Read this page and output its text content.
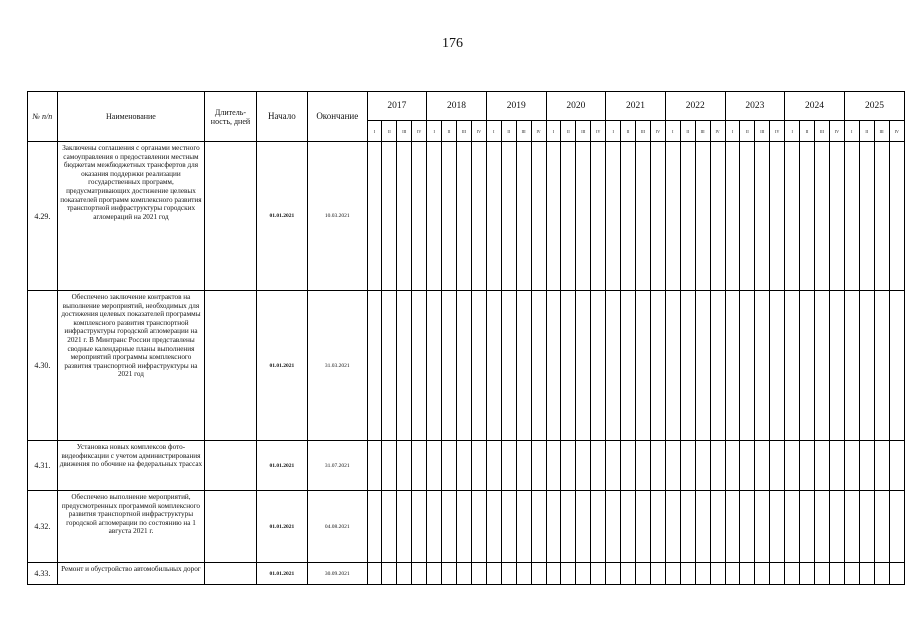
176
№ п/п	Наименование	Длитель-ность, дней	Начало	Окончание	2017				2018				2019				2020				2021				2022				2023				2024				2025			
					I	II	III	IV	I	II	III	IV	I	II	III	IV	I	II	III	IV	I	II	III	IV	I	II	III	IV	I	II	III	IV	I	II	III	IV	I	II	III	IV
4.29.	Заключены соглашения с органами местного самоуправления о предоставлении местным бюджетам межбюджетных трансфертов для оказания поддержки реализации государственных программ, предусматривающих достижение целевых показателей программ комплексного развития транспортной инфраструктуры городских агломераций на 2021 год		01.01.2021	10.03.2021																																				
4.30.	Обеспечено заключение контрактов на выполнение мероприятий, необходимых для достижения целевых показателей программы комплексного развития транспортной инфраструктуры городской агломерации на 2021 г. В Минтранс России представлены сводные календарные планы выполнения мероприятий программы комплексного развития транспортной инфраструктуры на 2021 год		01.01.2021	31.03.2021																																				
4.31.	Установка новых комплексов фото-видеофиксации с учетом администрирования движения по обочине на федеральных трассах		01.01.2021	31.07.2021																																				
4.32.	Обеспечено выполнение мероприятий, предусмотренных программой комплексного развития транспортной инфраструктуры городской агломерации по состоянию на 1 августа 2021 г.		01.01.2021	04.08.2021																																				
4.33.	Ремонт и обустройство автомобильных дорог		01.01.2021	30.09.2021																																				
